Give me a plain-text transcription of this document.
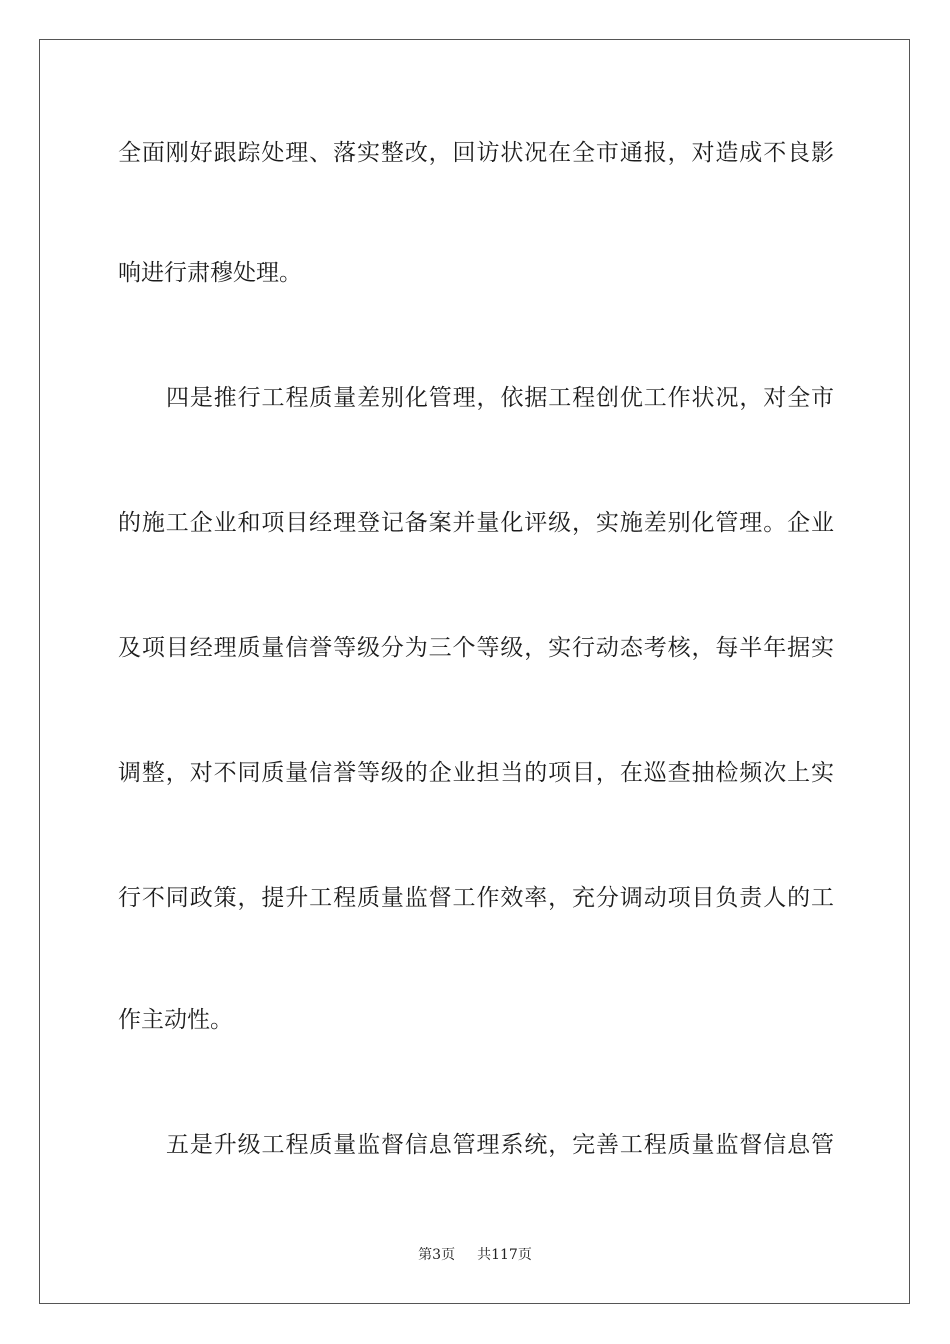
全面刚好跟踪处理、落实整改，回访状况在全市通报，对造成不良影
响进行肃穆处理。
四是推行工程质量差别化管理，依据工程创优工作状况，对全市
的施工企业和项目经理登记备案并量化评级，实施差别化管理。企业
及项目经理质量信誉等级分为三个等级，实行动态考核，每半年据实
调整，对不同质量信誉等级的企业担当的项目，在巡查抽检频次上实
行不同政策，提升工程质量监督工作效率，充分调动项目负责人的工
作主动性。
五是升级工程质量监督信息管理系统，完善工程质量监督信息管
第3页 共117页
